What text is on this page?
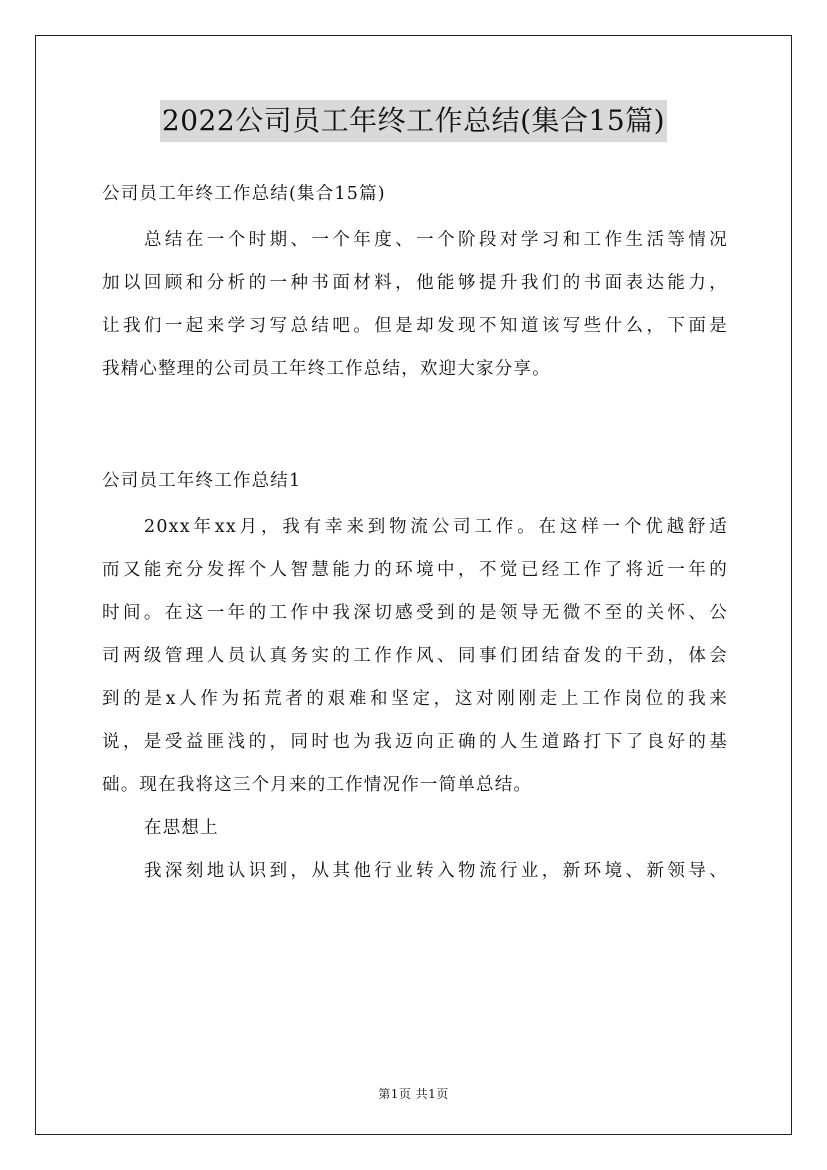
2022公司员工年终工作总结(集合15篇)
公司员工年终工作总结(集合15篇)
总结在一个时期、一个年度、一个阶段对学习和工作生活等情况
加以回顾和分析的一种书面材料，他能够提升我们的书面表达能力，
让我们一起来学习写总结吧。但是却发现不知道该写些什么，下面是
我精心整理的公司员工年终工作总结，欢迎大家分享。
公司员工年终工作总结1
20xx年xx月，我有幸来到物流公司工作。在这样一个优越舒适
而又能充分发挥个人智慧能力的环境中，不觉已经工作了将近一年的
时间。在这一年的工作中我深切感受到的是领导无微不至的关怀、公
司两级管理人员认真务实的工作作风、同事们团结奋发的干劲，体会
到的是x人作为拓荒者的艰难和坚定，这对刚刚走上工作岗位的我来
说，是受益匪浅的，同时也为我迈向正确的人生道路打下了良好的基
础。现在我将这三个月来的工作情况作一简单总结。
在思想上
我深刻地认识到，从其他行业转入物流行业，新环境、新领导、
第1页 共1页
